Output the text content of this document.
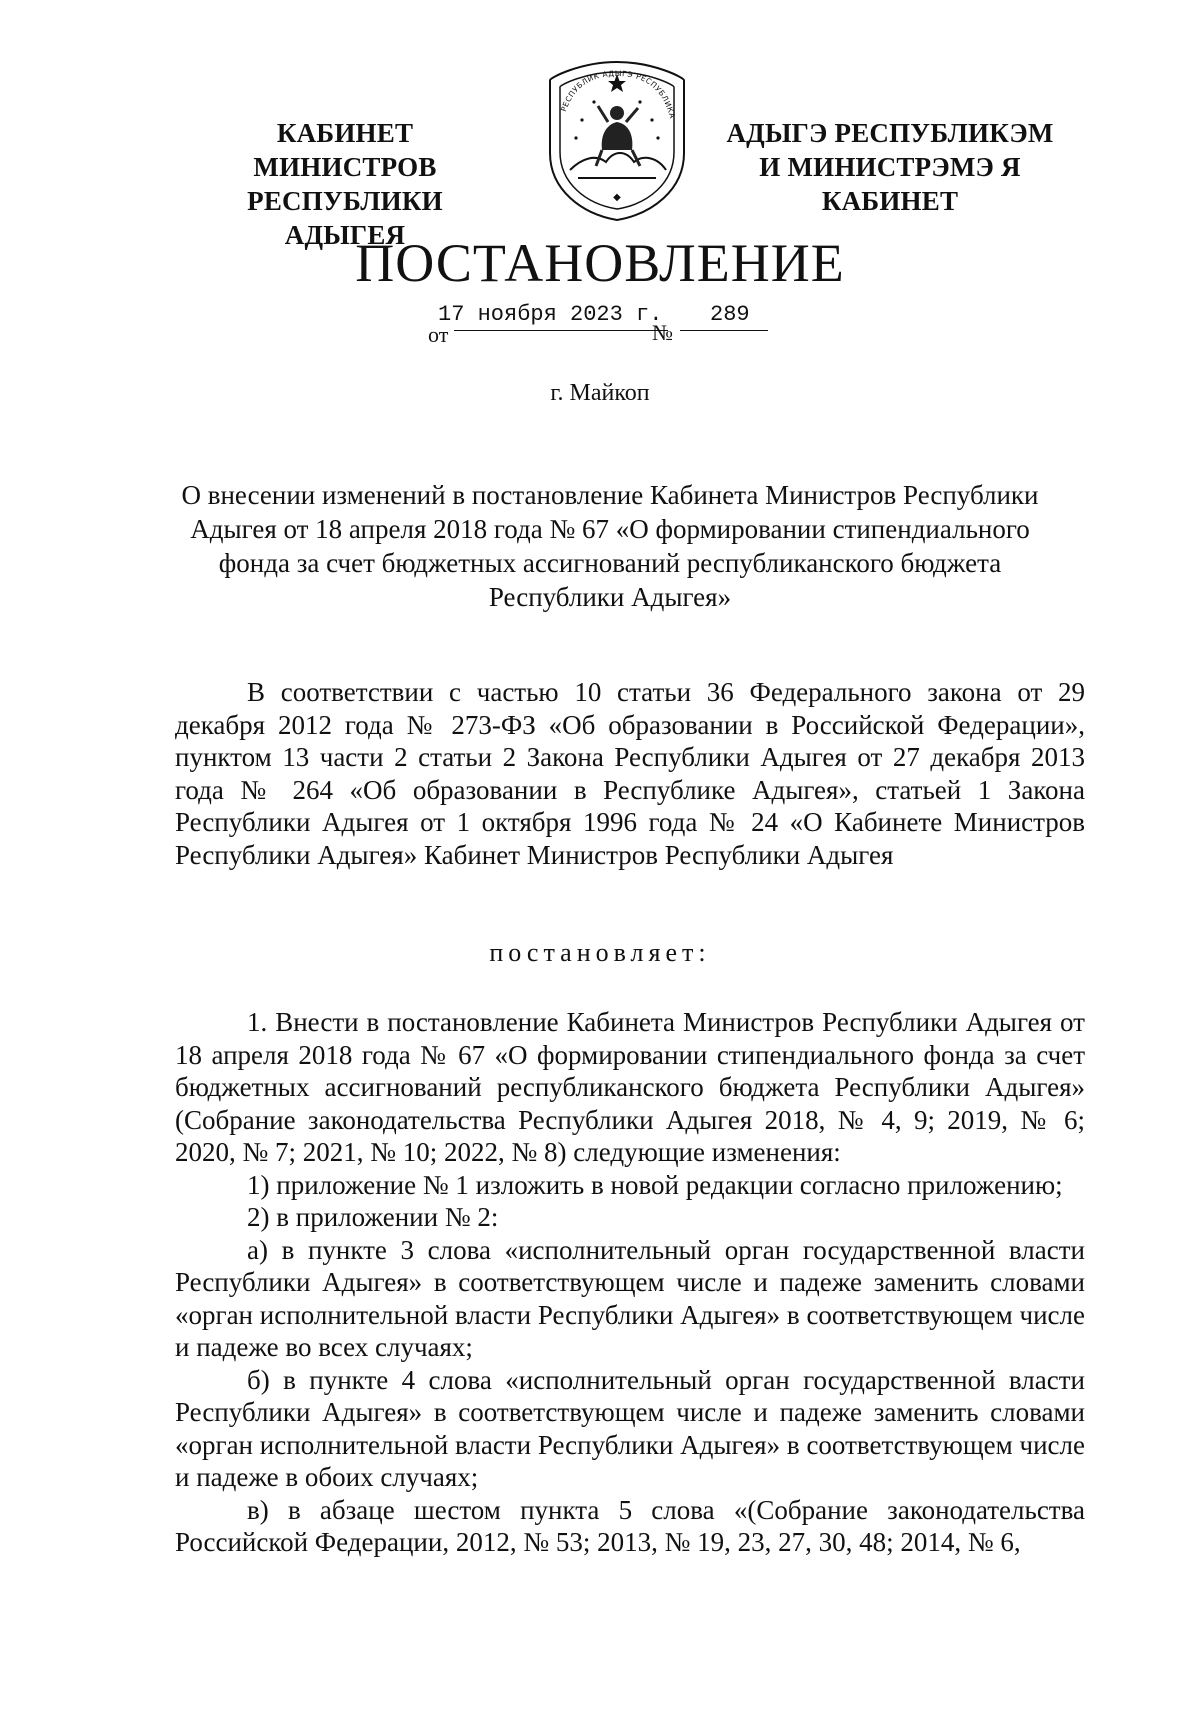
КАБИНЕТ МИНИСТРОВ
РЕСПУБЛИКИ АДЫГЕЯ
РЕСПУБЛИК АДЫГЭ РЕСПУБЛИКА
◆
АДЫГЭ РЕСПУБЛИКЭМ
И МИНИСТРЭМЭ Я КАБИНЕТ
ПОСТАНОВЛЕНИЕ
от
17 ноября 2023 г.
№
289
г. Майкоп
О внесении изменений в постановление Кабинета Министров Республики Адыгея от 18 апреля 2018 года № 67 «О формировании стипендиального фонда за счет бюджетных ассигнований республиканского бюджета Республики Адыгея»

В соответствии с частью 10 статьи 36 Федерального закона от 29 декабря 2012 года № 273-ФЗ «Об образовании в Российской Федерации», пунктом 13 части 2 статьи 2 Закона Республики Адыгея от 27 декабря 2013 года № 264 «Об образовании в Республике Адыгея», статьей 1 Закона Республики Адыгея от 1 октября 1996 года № 24 «О Кабинете Министров Республики Адыгея» Кабинет Министров Республики Адыгея

постановляет:

1. Внести в постановление Кабинета Министров Республики Адыгея от 18 апреля 2018 года № 67 «О формировании стипендиального фонда за счет бюджетных ассигнований республиканского бюджета Республики Адыгея» (Собрание законодательства Республики Адыгея 2018, № 4, 9; 2019, № 6; 2020, № 7; 2021, № 10; 2022, № 8) следующие изменения:

1) приложение № 1 изложить в новой редакции согласно приложению;

2) в приложении № 2:

а) в пункте 3 слова «исполнительный орган государственной власти Республики Адыгея» в соответствующем числе и падеже заменить словами «орган исполнительной власти Республики Адыгея» в соответствующем числе и падеже во всех случаях;

б) в пункте 4 слова «исполнительный орган государственной власти Республики Адыгея» в соответствующем числе и падеже заменить словами «орган исполнительной власти Республики Адыгея» в соответствующем числе и падеже в обоих случаях;

в) в абзаце шестом пункта 5 слова «(Собрание законодательства Российской Федерации, 2012, № 53; 2013, № 19, 23, 27, 30, 48; 2014, № 6,
